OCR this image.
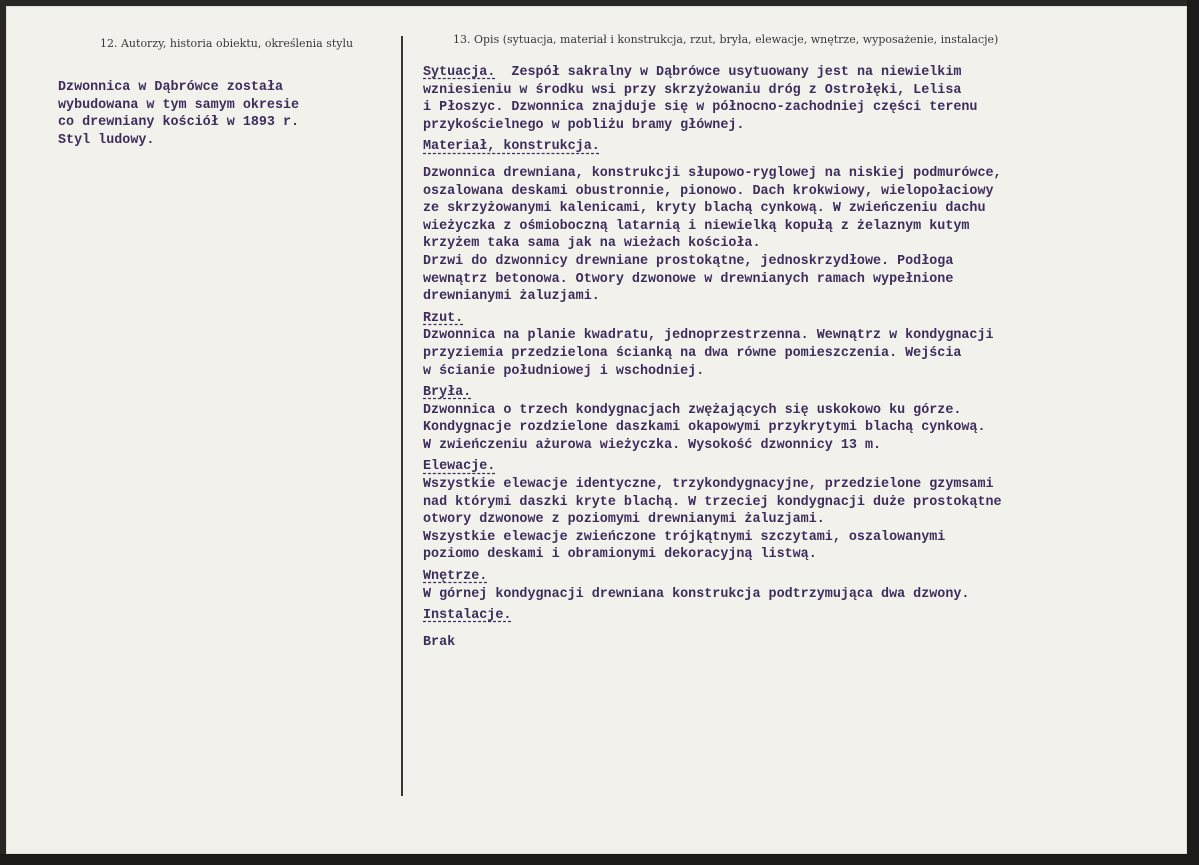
12. Autorzy, historia obiektu, określenia stylu	13. Opis (sytuacja, materiał i konstrukcja, rzut, bryła, elewacje, wnętrze, wyposażenie, instalacje)
Dzwonnica w Dąbrówce została
wybudowana w tym samym okresie
co drewniany kościół w 1893 r.
Styl ludowy.
Sytuacja. Zespół sakralny w Dąbrówce usytuowany jest na niewielkim
wzniesieniu w środku wsi przy skrzyżowaniu dróg z Ostrołęki, Lelisa
i Płoszyc. Dzwonnica znajduje się w północno-zachodniej części terenu
przykościelnego w pobliżu bramy głównej.
Materiał, konstrukcja.
Dzwonnica drewniana, konstrukcji słupowo-ryglowej na niskiej podmurówce,
oszalowana deskami obustronnie, pionowo. Dach krokwiowy, wielopołaciowy
ze skrzyżowanymi kalenicami, kryty blachą cynkową. W zwieńczeniu dachu
wieżyczka z ośmioboczną latarnią i niewielką kopułą z żelaznym kutym
krzyżem taka sama jak na wieżach kościoła.
Drzwi do dzwonnicy drewniane prostokątne, jednoskrzydłowe. Podłoga
wewnątrz betonowa. Otwory dzwonowe w drewnianych ramach wypełnione
drewnianymi żaluzjami.
Rzut.
Dzwonnica na planie kwadratu, jednoprzestrzenna. Wewnątrz w kondygnacji
przyziemia przedzielona ścianką na dwa równe pomieszczenia. Wejścia
w ścianie południowej i wschodniej.
Bryła.
Dzwonnica o trzech kondygnacjach zwężających się uskokowo ku górze.
Kondygnacje rozdzielone daszkami okapowymi przykrytymi blachą cynkową.
W zwieńczeniu ażurowa wieżyczka. Wysokość dzwonnicy 13 m.
Elewacje.
Wszystkie elewacje identyczne, trzykondygnacyjne, przedzielone gzymsami
nad którymi daszki kryte blachą. W trzeciej kondygnacji duże prostokątne
otwory dzwonowe z poziomymi drewnianymi żaluzjami.
Wszystkie elewacje zwieńczone trójkątnymi szczytami, oszalowanymi
poziomo deskami i obramionymi dekoracyjną listwą.
Wnętrze.
W górnej kondygnacji drewniana konstrukcja podtrzymująca dwa dzwony.
Instalacje.
Brak
